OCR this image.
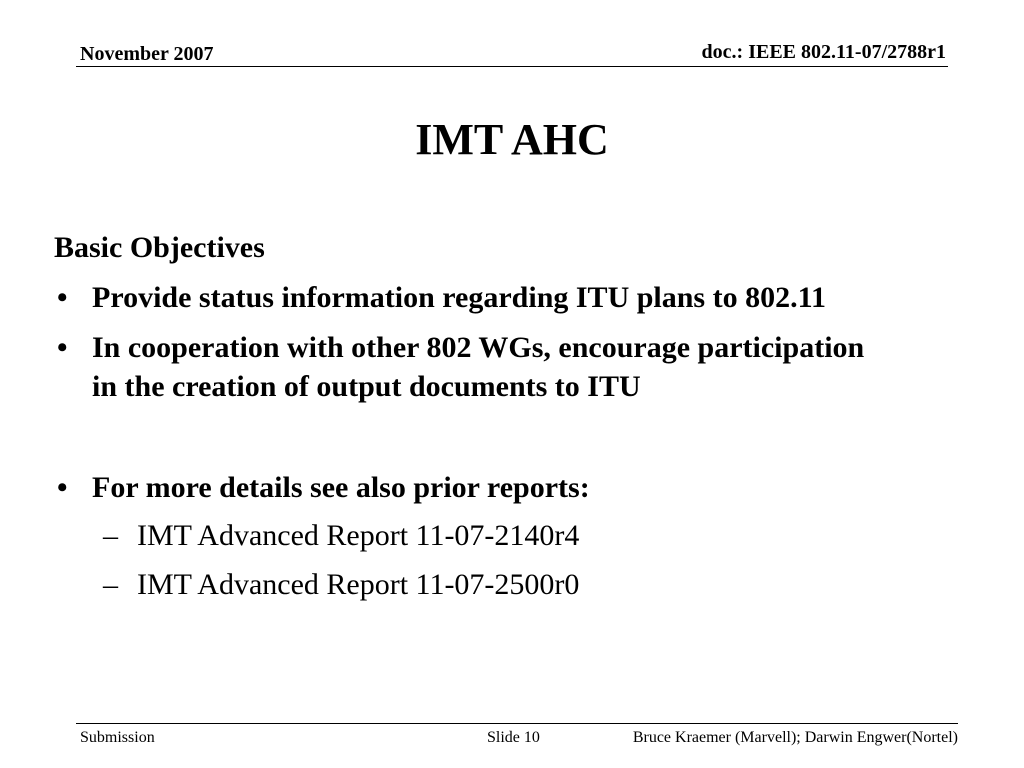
November 2007	doc.: IEEE 802.11-07/2788r1
IMT AHC
Basic Objectives
• Provide status information regarding ITU plans to 802.11
• In cooperation with other 802 WGs, encourage participation
in the creation of output documents to ITU
• For more details see also prior reports:
– IMT Advanced Report 11-07-2140r4
– IMT Advanced Report 11-07-2500r0
Submission	Slide 10	Bruce Kraemer (Marvell); Darwin Engwer(Nortel)
